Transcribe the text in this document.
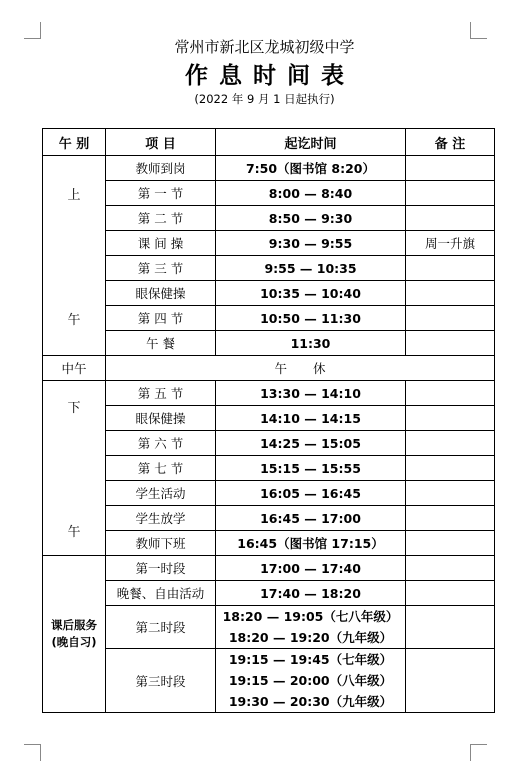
常州市新北区龙城初级中学
作息时间表
(2022 年 9 月 1 日起执行)
午 别	项 目	起讫时间	备 注

上
午	教师到岗	7:50（图书馆 8:20）	
	第 一 节	8:00 — 8:40	
	第 二 节	8:50 — 9:30	
	课 间 操	9:30 — 9:55	周一升旗
	第 三 节	9:55 — 10:35	
	眼保健操	10:35 — 10:40	
	第 四 节	10:50 — 11:30	
	午 餐	11:30	
中午	午休		

下
午	第 五 节	13:30 — 14:10	
	眼保健操	14:10 — 14:15	
	第 六 节	14:25 — 15:05	
	第 七 节	15:15 — 15:55	
	学生活动	16:05 — 16:45	
	学生放学	16:45 — 17:00	
	教师下班	16:45（图书馆 17:15）	

课后服务
(晚自习)	第一时段	17:00 — 17:40	
	晚餐、自由活动	17:40 — 18:20	
	第二时段	18:20 — 19:05（七八年级）
18:20 — 19:20（九年级）	

	第三时段	19:15 — 19:45（七年级）
19:15 — 20:00（八年级）
19:30 — 20:30（九年级）	
